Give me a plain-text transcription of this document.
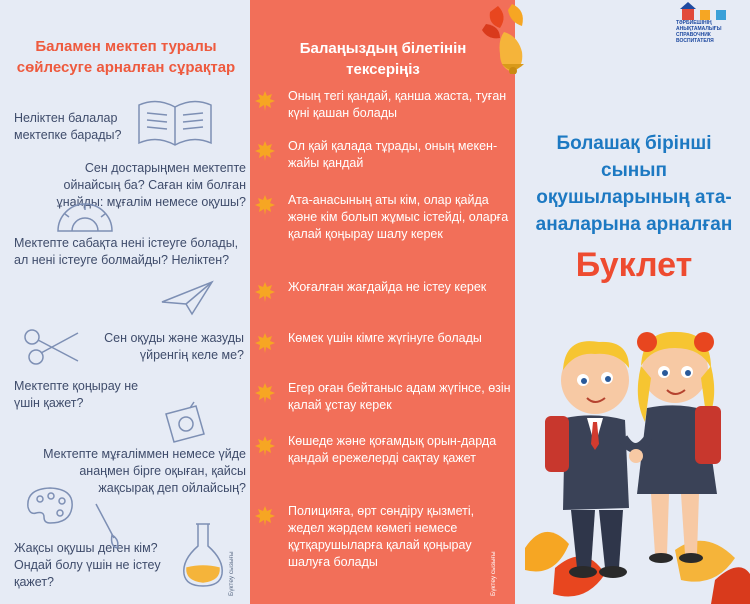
Баламен мектеп туралы сөйлесуге арналған сұрақтар
Неліктен балалар мектепке барады?
Сен достарыңмен мектепте ойнайсың ба? Саған кім болған ұнайды: мұғалім немесе оқушы?
Мектепте сабақта нені істеуге болады, ал нені істеуге болмайды? Неліктен?
Сен оқуды және жазуды үйренгің келе ме?
Мектепте қоңырау не үшін қажет?
Мектепте мұғаліммен немесе үйде анаңмен бірге оқыған, қайсы жақсырақ деп ойлайсың?
Жақсы оқушы деген кім? Ондай болу үшін не істеу қажет?	Бүктеу сызығы
Балаңыздың білетінін тексеріңіз
Оның тегі қандай, қанша жаста, туған күні қашан болады
Ол қай қалада тұрады, оның мекен-жайы қандай
Ата-анасының аты кім, олар қайда және кім болып жұмыс істейді, оларға қалай қоңырау шалу керек
Жоғалған жағдайда не істеу керек
Көмек үшін кімге жүгінуге болады
Егер оған бейтаныс адам жүгінсе, өзін қалай ұстау керек
Көшеде және қоғамдық орын-дарда қандай ережелерді сақтау қажет
Полицияға, өрт сөндіру қызметі, жедел жәрдем көмегі немесе құтқарушыларға қалай қоңырау шалуға болады	Бүктеу сызығы
ТӘРБИЕШІНІҢ АНЫҚТАМАЛЫҒЫ СПРАВОЧНИК ВОСПИТАТЕЛЯ
Болашақ бірінші сынып оқушыларының ата-аналарына арналған
Буклет
